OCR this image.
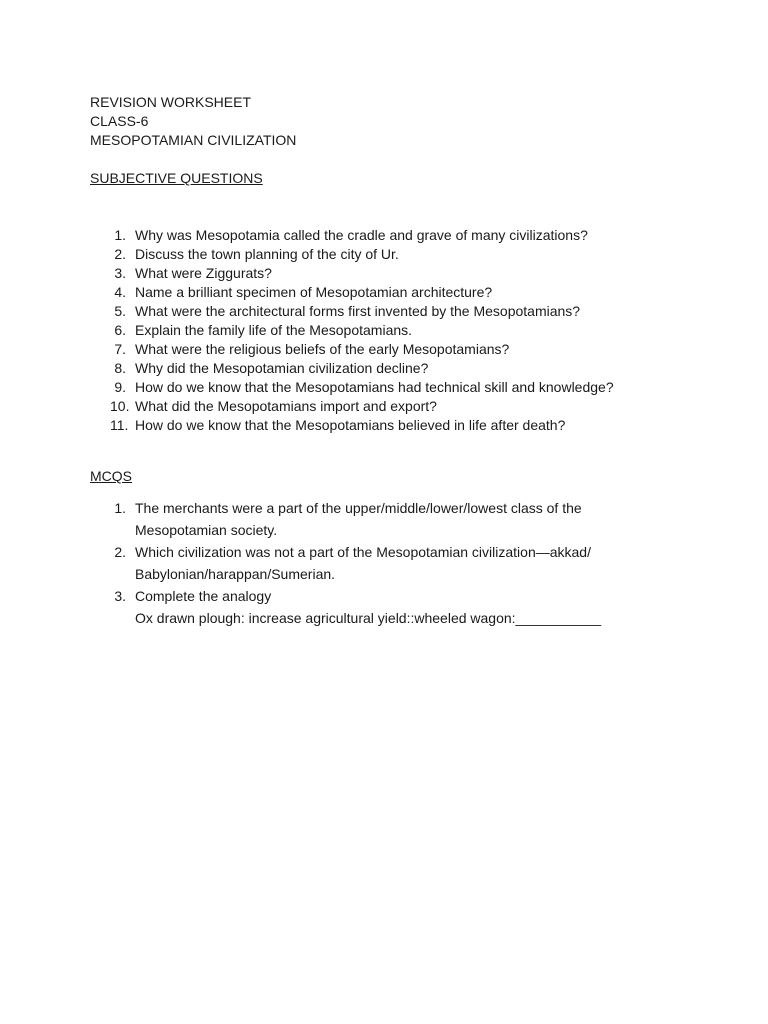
REVISION WORKSHEET
CLASS-6
MESOPOTAMIAN CIVILIZATION
SUBJECTIVE QUESTIONS
1. Why was Mesopotamia called the cradle and grave of many civilizations?
2. Discuss the town planning of the city of Ur.
3. What were Ziggurats?
4. Name a brilliant specimen of Mesopotamian architecture?
5. What were the architectural forms first invented by the Mesopotamians?
6. Explain the family life of the Mesopotamians.
7. What were the religious beliefs of the early Mesopotamians?
8. Why did the Mesopotamian civilization decline?
9. How do we know that the Mesopotamians had technical skill and knowledge?
10. What did the Mesopotamians import and export?
11. How do we know that the Mesopotamians believed in life after death?
MCQS
1. The merchants were a part of the upper/middle/lower/lowest class of the
Mesopotamian society.
2. Which civilization was not a part of the Mesopotamian civilization—akkad/
Babylonian/harappan/Sumerian.
3. Complete the analogy
Ox drawn plough: increase agricultural yield::wheeled wagon:___________
